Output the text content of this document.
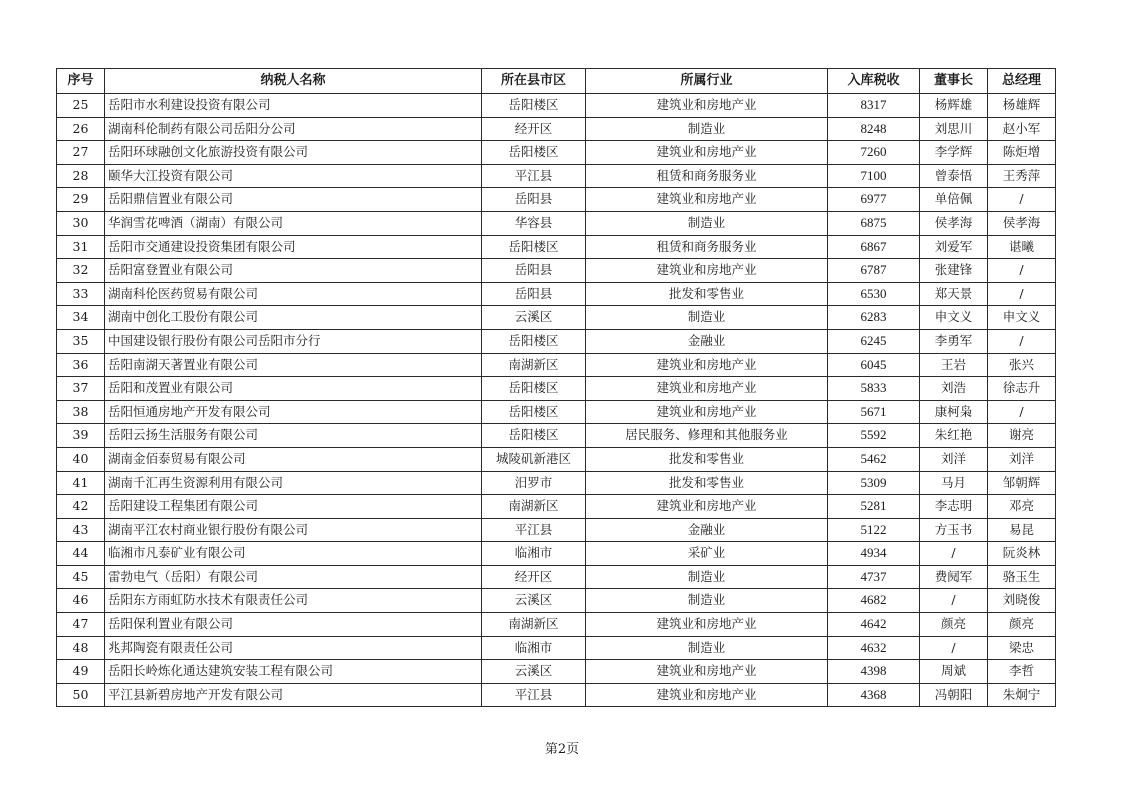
序号	纳税人名称	所在县市区	所属行业	入库税收	董事长	总经理
25	岳阳市水利建设投资有限公司	岳阳楼区	建筑业和房地产业	8317	杨辉雄	杨雄辉
26	湖南科伦制药有限公司岳阳分公司	经开区	制造业	8248	刘思川	赵小军
27	岳阳环球融创文化旅游投资有限公司	岳阳楼区	建筑业和房地产业	7260	李学辉	陈炬增
28	颐华大江投资有限公司	平江县	租赁和商务服务业	7100	曾泰悟	王秀萍
29	岳阳鼎信置业有限公司	岳阳县	建筑业和房地产业	6977	单倍佩	/
30	华润雪花啤酒（湖南）有限公司	华容县	制造业	6875	侯孝海	侯孝海
31	岳阳市交通建设投资集团有限公司	岳阳楼区	租赁和商务服务业	6867	刘爱军	谌曦
32	岳阳富登置业有限公司	岳阳县	建筑业和房地产业	6787	张建锋	/
33	湖南科伦医药贸易有限公司	岳阳县	批发和零售业	6530	郑天景	/
34	湖南中创化工股份有限公司	云溪区	制造业	6283	申文义	申文义
35	中国建设银行股份有限公司岳阳市分行	岳阳楼区	金融业	6245	李勇军	/
36	岳阳南湖天著置业有限公司	南湖新区	建筑业和房地产业	6045	王岩	张兴
37	岳阳和茂置业有限公司	岳阳楼区	建筑业和房地产业	5833	刘浩	徐志升
38	岳阳恒通房地产开发有限公司	岳阳楼区	建筑业和房地产业	5671	康柯枭	/
39	岳阳云扬生活服务有限公司	岳阳楼区	居民服务、修理和其他服务业	5592	朱红艳	谢亮
40	湖南金佰泰贸易有限公司	城陵矶新港区	批发和零售业	5462	刘洋	刘洋
41	湖南千汇再生资源利用有限公司	汨罗市	批发和零售业	5309	马月	邹朝辉
42	岳阳建设工程集团有限公司	南湖新区	建筑业和房地产业	5281	李志明	邓亮
43	湖南平江农村商业银行股份有限公司	平江县	金融业	5122	方玉书	易昆
44	临湘市凡泰矿业有限公司	临湘市	采矿业	4934	/	阮炎林
45	雷勃电气（岳阳）有限公司	经开区	制造业	4737	费阋军	骆玉生
46	岳阳东方雨虹防水技术有限责任公司	云溪区	制造业	4682	/	刘晓俊
47	岳阳保利置业有限公司	南湖新区	建筑业和房地产业	4642	颜亮	颜亮
48	兆邦陶瓷有限责任公司	临湘市	制造业	4632	/	梁忠
49	岳阳长岭炼化通达建筑安装工程有限公司	云溪区	建筑业和房地产业	4398	周斌	李哲
50	平江县新碧房地产开发有限公司	平江县	建筑业和房地产业	4368	冯朝阳	朱炯宁
第2页
